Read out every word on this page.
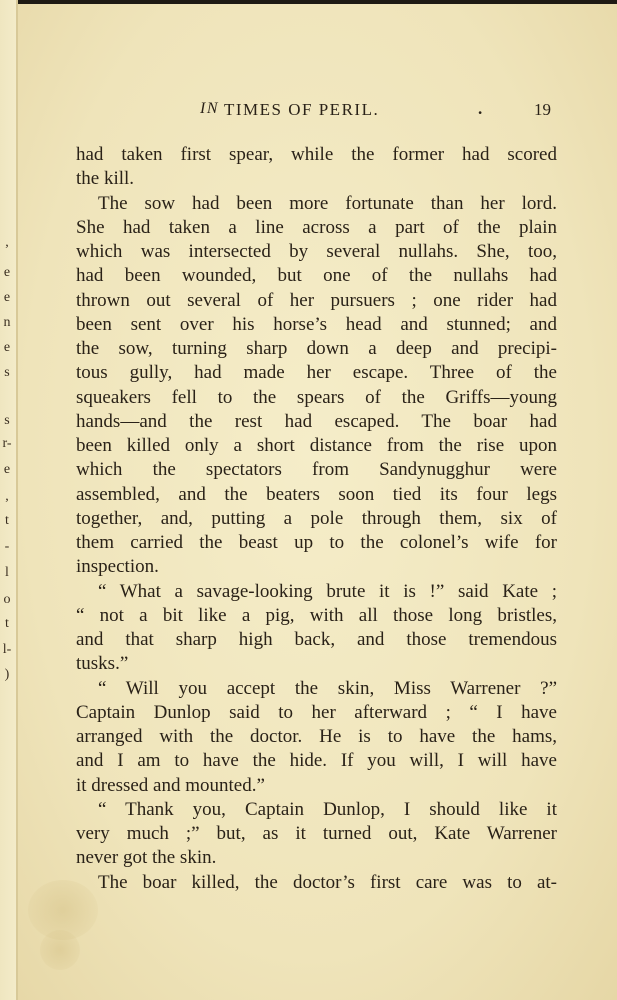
,
e
e
n
e
s
s
r-
e
,
t
-
l
o
t
l-
)
IN TIMES OF PERIL.	.	19
had taken first spear, while the former had scored
the kill.
The sow had been more fortunate than her lord.
She had taken a line across a part of the plain
which was intersected by several nullahs. She, too,
had been wounded, but one of the nullahs had
thrown out several of her pursuers ; one rider had
been sent over his horse’s head and stunned; and
the sow, turning sharp down a deep and precipi-
tous gully, had made her escape. Three of the
squeakers fell to the spears of the Griffs—young
hands—and the rest had escaped. The boar had
been killed only a short distance from the rise upon
which the spectators from Sandynugghur were
assembled, and the beaters soon tied its four legs
together, and, putting a pole through them, six of
them carried the beast up to the colonel’s wife for
inspection.
“ What a savage-looking brute it is !” said Kate ;
“ not a bit like a pig, with all those long bristles,
and that sharp high back, and those tremendous
tusks.”
“ Will you accept the skin, Miss Warrener ?”
Captain Dunlop said to her afterward ; “ I have
arranged with the doctor. He is to have the hams,
and I am to have the hide. If you will, I will have
it dressed and mounted.”
“ Thank you, Captain Dunlop, I should like it
very much ;” but, as it turned out, Kate Warrener
never got the skin.
The boar killed, the doctor’s first care was to at-
